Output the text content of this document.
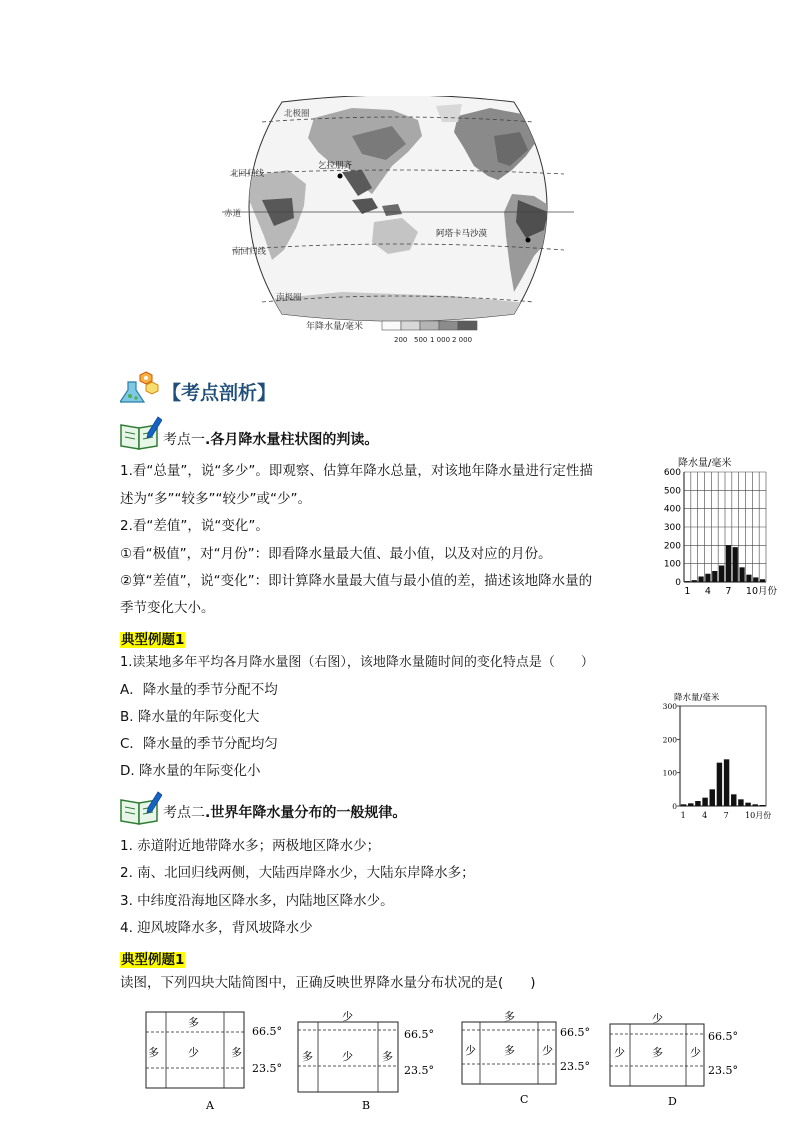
北极圈
北回归线
赤道
南回归线
南极圈
乞拉朋齐
阿塔卡马沙漠
年降水量/毫米
200 500 1 000 2 000
【考点剖析】
考点一.各月降水量柱状图的判读。
1.看“总量”，说“多少”。即观察、估算年降水总量，对该地年降水量进行定性描
述为“多”“较多”“较少”或“少”。
2.看“差值”，说“变化”。
①看“极值”，对“月份”：即看降水量最大值、最小值，以及对应的月份。
②算“差值”，说“变化”：即计算降水量最大值与最小值的差，描述该地降水量的
季节变化大小。
降水量/毫米
0
100
200
300
400
500
600
1 4 7 10月份
典型例题1
1.读某地多年平均各月降水量图（右图），该地降水量随时间的变化特点是（　　）
A．降水量的季节分配不均
B. 降水量的年际变化大
C．降水量的季节分配均匀
D. 降水量的年际变化小
降水量/毫米
0
100
200
300
1 4 7 10月份
考点二.世界年降水量分布的一般规律。
1. 赤道附近地带降水多；两极地区降水少；
2. 南、北回归线两侧，大陆西岸降水少，大陆东岸降水多；
3. 中纬度沿海地区降水多，内陆地区降水少。
4. 迎风坡降水多，背风坡降水少
典型例题1
读图，下列四块大陆简图中，正确反映世界降水量分布状况的是(　　)
多
多	少	多
66.5°
23.5°
A
少
多	少	多
66.5°
23.5°
B
多
少	多 少
66.5°
23.5°
C
少
少 多 少
66.5°
23.5°
D
